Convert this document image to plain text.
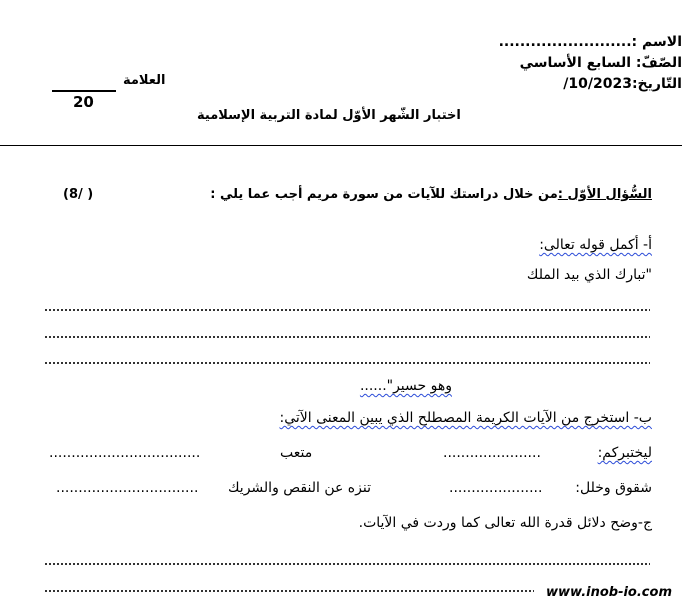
الاسم :.........................
الصّفّ: السابع الأساسي
التّاريخ:10/2023/
العلامة
20
اختبار الشّهر الأوّل لمادة التربية الإسلامية
السُّؤال الأوّل :من خلال دراستك للآيات من سورة مريم أجب عما يلي :
(8/ )
أ- أكمل قوله تعالى:
"تبارك الذي بيد الملك
وهو حسير"......
ب- استخرج من الآيات الكريمة المصطلح الذي يبين المعنى الآتي:
ليختبركم:
......................
متعب
..................................
شقوق وخلل:
.....................
تنزه عن النقص والشريك
................................
ج-وضح دلائل قدرة الله تعالى كما وردت في الآيات.
www.inob-io.com
